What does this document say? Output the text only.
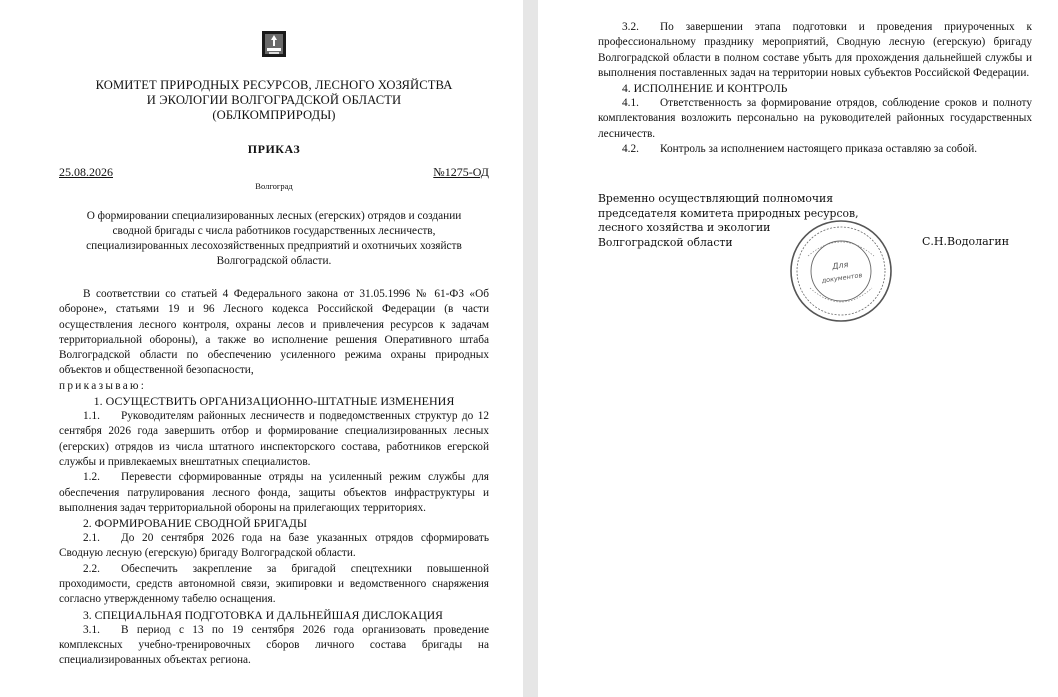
КОМИТЕТ ПРИРОДНЫХ РЕСУРСОВ, ЛЕСНОГО ХОЗЯЙСТВА
И ЭКОЛОГИИ ВОЛГОГРАДСКОЙ ОБЛАСТИ
(ОБЛКОМПРИРОДЫ)
ПРИКАЗ
25.08.2026	№1275-ОД
Волгоград
О формировании специализированных лесных (егерских) отрядов и создании
сводной бригады с числа работников государственных лесничеств,
специализированных лесохозяйственных предприятий и охотничьих хозяйств
Волгоградской области.

В соответствии со статьей 4 Федерального закона от 31.05.1996 № 61-ФЗ «Об обороне», статьями 19 и 96 Лесного кодекса Российской Федерации (в части осуществления лесного контроля, охраны лесов и привлечения ресурсов к задачам территориальной обороны), а также во исполнение решения Оперативного штаба Волгоградской области по обеспечению усиленного режима охраны природных объектов и общественной безопасности,

приказываю:

1. ОСУЩЕСТВИТЬ ОРГАНИЗАЦИОННО-ШТАТНЫЕ ИЗМЕНЕНИЯ

1.1. Руководителям районных лесничеств и подведомственных структур до 12 сентября 2026 года завершить отбор и формирование специализированных лесных (егерских) отрядов из числа штатного инспекторского состава, работников егерской службы и привлекаемых внештатных специалистов.

1.2. Перевести сформированные отряды на усиленный режим службы для обеспечения патрулирования лесного фонда, защиты объектов инфраструктуры и выполнения задач территориальной обороны на прилегающих территориях.

2. ФОРМИРОВАНИЕ СВОДНОЙ БРИГАДЫ

2.1. До 20 сентября 2026 года на базе указанных отрядов сформировать Сводную лесную (егерскую) бригаду Волгоградской области.

2.2. Обеспечить закрепление за бригадой спецтехники повышенной проходимости, средств автономной связи, экипировки и ведомственного снаряжения согласно утвержденному табелю оснащения.

3. СПЕЦИАЛЬНАЯ ПОДГОТОВКА И ДАЛЬНЕЙШАЯ ДИСЛОКАЦИЯ

3.1. В период с 13 по 19 сентября 2026 года организовать проведение комплексных учебно-тренировочных сборов личного состава бригады на специализированных объектах региона.

3.2. По завершении этапа подготовки и проведения приуроченных к профессиональному празднику мероприятий, Сводную лесную (егерскую) бригаду Волгоградской области в полном составе убыть для прохождения дальнейшей службы и выполнения поставленных задач на территории новых субъектов Российской Федерации.

4. ИСПОЛНЕНИЕ И КОНТРОЛЬ

4.1. Ответственность за формирование отрядов, соблюдение сроков и полноту комплектования возложить персонально на руководителей районных государственных лесничеств.

4.2. Контроль за исполнением настоящего приказа оставляю за собой.

Временно осуществляющий полномочия
председателя комитета природных ресурсов,
лесного хозяйства и экологии
Волгоградской области
Для
документов
С.Н.Водолагин
